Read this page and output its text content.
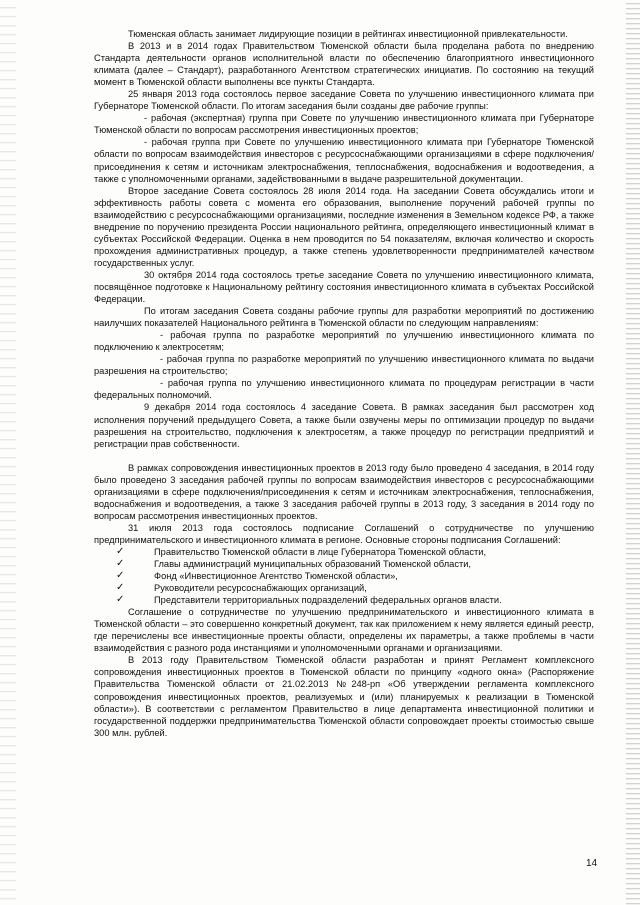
Тюменская область занимает лидирующие позиции в рейтингах инвестиционной привлекательности.

В 2013 и в 2014 годах Правительством Тюменской области была проделана работа по внедрению Стандарта деятельности органов исполнительной власти по обеспечению благоприятного инвестиционного климата (далее – Стандарт), разработанного Агентством стратегических инициатив. По состоянию на текущий момент в Тюменской области выполнены все пункты Стандарта.

25 января 2013 года состоялось первое заседание Совета по улучшению инвестиционного климата при Губернаторе Тюменской области. По итогам заседания были созданы две рабочие группы:

- рабочая (экспертная) группа при Совете по улучшению инвестиционного климата при Губернаторе Тюменской области по вопросам рассмотрения инвестиционных проектов;

- рабочая группа при Совете по улучшению инвестиционного климата при Губернаторе Тюменской области по вопросам взаимодействия инвесторов с ресурсоснабжающими организациями в сфере подключения/ присоединения к сетям и источникам электроснабжения, теплоснабжения, водоснабжения и водоотведения, а также с уполномоченными органами, задействованными в выдаче разрешительной документации.

Второе заседание Совета состоялось 28 июля 2014 года. На заседании Совета обсуждались итоги и эффективность работы совета с момента его образования, выполнение поручений рабочей группы по взаимодействию с ресурсоснабжающими организациями, последние изменения в Земельном кодексе РФ, а также внедрение по поручению президента России национального рейтинга, определяющего инвестиционный климат в субъектах Российской Федерации. Оценка в нем проводится по 54 показателям, включая количество и скорость прохождения административных процедур, а также степень удовлетворенности предпринимателей качеством государственных услуг.

30 октября 2014 года состоялось третье заседание Совета по улучшению инвестиционного климата, посвящённое подготовке к Национальному рейтингу состояния инвестиционного климата в субъектах Российской Федерации.

По итогам заседания Совета созданы рабочие группы для разработки мероприятий по достижению наилучших показателей Национального рейтинга в Тюменской области по следующим направлениям:

- рабочая группа по разработке мероприятий по улучшению инвестиционного климата по подключению к электросетям;

- рабочая группа по разработке мероприятий по улучшению инвестиционного климата по выдачи разрешения на строительство;

- рабочая группа по улучшению инвестиционного климата по процедурам регистрации в части федеральных полномочий.

9 декабря 2014 года состоялось 4 заседание Совета. В рамках заседания был рассмотрен ход исполнения поручений предыдущего Совета, а также были озвучены меры по оптимизации процедур по выдачи разрешения на строительство, подключения к электросетям, а также процедур по регистрации предприятий и регистрации прав собственности.

В рамках сопровождения инвестиционных проектов в 2013 году было проведено 4 заседания, в 2014 году было проведено 3 заседания рабочей группы по вопросам взаимодействия инвесторов с ресурсоснабжающими организациями в сфере подключения/присоединения к сетям и источникам электроснабжения, теплоснабжения, водоснабжения и водоотведения, а также 3 заседания рабочей группы в 2013 году, 3 заседания в 2014 году по вопросам рассмотрения инвестиционных проектов.

31 июля 2013 года состоялось подписание Соглашений о сотрудничестве по улучшению предпринимательского и инвестиционного климата в регионе. Основные стороны подписания Соглашений:

✓	Правительство Тюменской области в лице Губернатора Тюменской области,
✓	Главы администраций муниципальных образований Тюменской области,
✓	Фонд «Инвестиционное Агентство Тюменской области»,
✓	Руководители ресурсоснабжающих организаций,
✓	Представители территориальных подразделений федеральных органов власти.

Соглашение о сотрудничестве по улучшению предпринимательского и инвестиционного климата в Тюменской области – это совершенно конкретный документ, так как приложением к нему является единый реестр, где перечислены все инвестиционные проекты области, определены их параметры, а также проблемы в части взаимодействия с разного рода инстанциями и уполномоченными органами и организациями.

В 2013 году Правительством Тюменской области разработан и принят Регламент комплексного сопровождения инвестиционных проектов в Тюменской области по принципу «одного окна» (Распоряжение Правительства Тюменской области от 21.02.2013 №248-рп «Об утверждении регламента комплексного сопровождения инвестиционных проектов, реализуемых и (или) планируемых к реализации в Тюменской области»). В соответствии с регламентом Правительство в лице департамента инвестиционной политики и государственной поддержки предпринимательства Тюменской области сопровождает проекты стоимостью свыше 300 млн. рублей.

14
